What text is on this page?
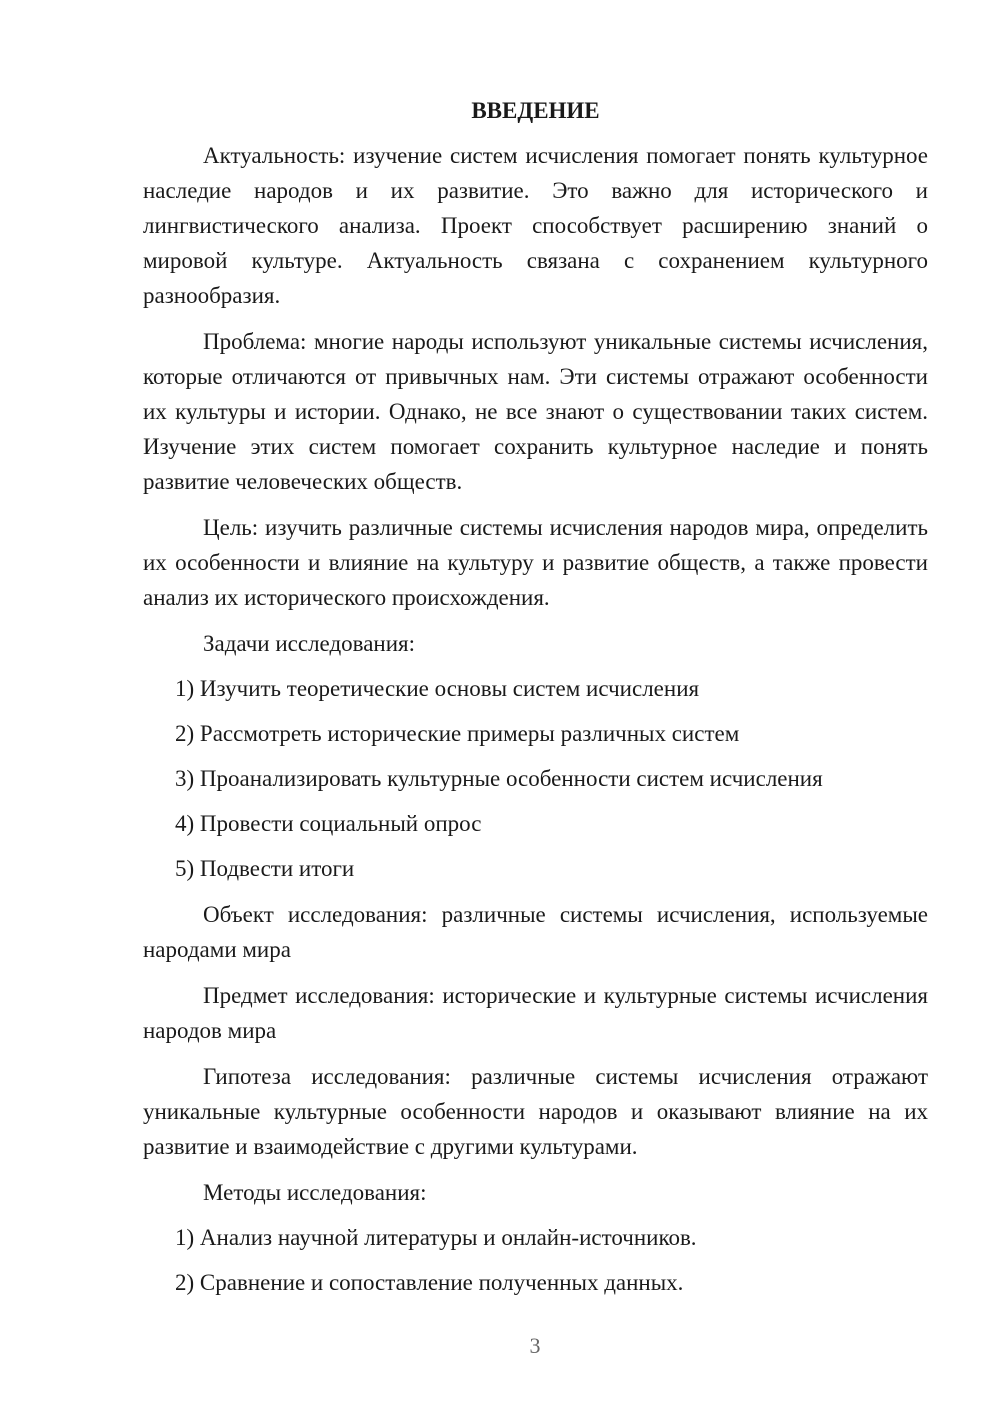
ВВЕДЕНИЕ

Актуальность: изучение систем исчисления помогает понять культурное наследие народов и их развитие. Это важно для исторического и лингвистического анализа. Проект способствует расширению знаний о мировой культуре. Актуальность связана с сохранением культурного разнообразия.

Проблема: многие народы используют уникальные системы исчисления, которые отличаются от привычных нам. Эти системы отражают особенности их культуры и истории. Однако, не все знают о существовании таких систем. Изучение этих систем помогает сохранить культурное наследие и понять развитие человеческих обществ.

Цель: изучить различные системы исчисления народов мира, определить их особенности и влияние на культуру и развитие обществ, а также провести анализ их исторического происхождения.

Задачи исследования:

1) Изучить теоретические основы систем исчисления

2) Рассмотреть исторические примеры различных систем

3) Проанализировать культурные особенности систем исчисления

4) Провести социальный опрос

5) Подвести итоги

Объект исследования: различные системы исчисления, используемые народами мира

Предмет исследования: исторические и культурные системы исчисления народов мира

Гипотеза исследования: различные системы исчисления отражают уникальные культурные особенности народов и оказывают влияние на их развитие и взаимодействие с другими культурами.

Методы исследования:

1) Анализ научной литературы и онлайн-источников.

2) Сравнение и сопоставление полученных данных.

3
